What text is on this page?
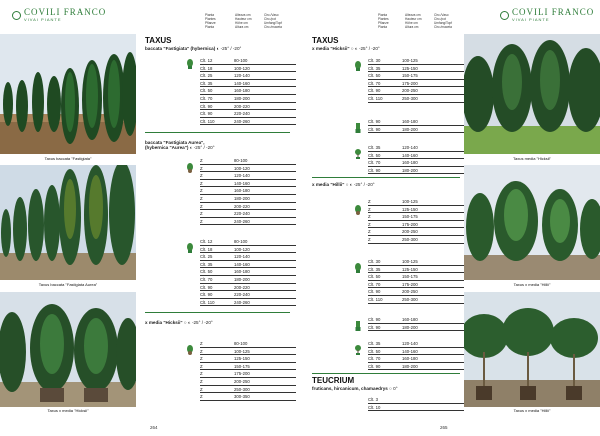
COVILI FRANCO
VIVAI PIANTE
Pianta
Plantes
Pflanze
Planta
Altezza cm
Hauteur cm
Höhe cm
Altura cm
Circ./Vaso
Circ./pot
Umfang/Topf
Circ./maceta
Taxus baccata "Fastigiata"
Taxus baccata "Fastigiata Aurea"
Taxus x media "Hicksii"
TAXUS
baccata "Fastigiata" (hybernica) ◐ -25° / -20°
Clt. 12	80-100
Clt. 18	100-120
Clt. 25	120-140
Clt. 35	140-160
Clt. 50	160-180
Clt. 70	180-200
Clt. 90	200-220
Clt. 90	220-240
Clt. 110	240-260
baccata "Fastigiata Aurea",
(hybernica "Aurea") ◐ -25° / -20°
Z	80-100
Z	100-120
Z	120-140
Z	140-160
Z	160-180
Z	180-200
Z	200-220
Z	220-240
Z	240-260
Clt. 12	80-100
Clt. 18	100-120
Clt. 25	120-140
Clt. 35	140-160
Clt. 50	160-180
Clt. 70	180-200
Clt. 90	200-220
Clt. 90	220-240
Clt. 110	240-260
x media "Hicksii" ○ ◐ -25° / -20°
Z	80-100
Z	100-125
Z	125-150
Z	150-175
Z	175-200
Z	200-250
Z	250-300
Z	300-350
264
Pianta
Plantes
Pflanze
Planta
Altezza cm
Hauteur cm
Höhe cm
Altura cm
Circ./Vaso
Circ./pot
Umfang/Topf
Circ./maceta
COVILI FRANCO
VIVAI PIANTE
TAXUS
x media "Hicksii" ○ ◐ -25° / -20°
Clt. 30	100-125
Clt. 35	125-150
Clt. 50	150-175
Clt. 70	175-200
Clt. 90	200-250
Clt. 110	250-300
Clt. 90	160-180
Clt. 90	180-200
Clt. 35	120-140
Clt. 50	140-160
Clt. 70	160-180
Clt. 90	180-200
x media "Hillii" ○ ◐ -25° / -20°
Z	100-125
Z	125-150
Z	150-175
Z	175-200
Z	200-250
Z	250-300
Clt. 30	100-125
Clt. 35	125-150
Clt. 50	150-175
Clt. 70	175-200
Clt. 90	200-250
Clt. 110	250-300
Clt. 90	160-180
Clt. 90	180-200
Clt. 35	120-140
Clt. 50	140-160
Clt. 70	160-180
Clt. 90	180-200
TEUCRIUM
fruticans, hircanicum, chamaedrys ○ 0°
Clt. 3
Clt. 10
Taxus media "Hicksii"
Taxus x media "Hillii"
Taxus x media "Hillii"
265
